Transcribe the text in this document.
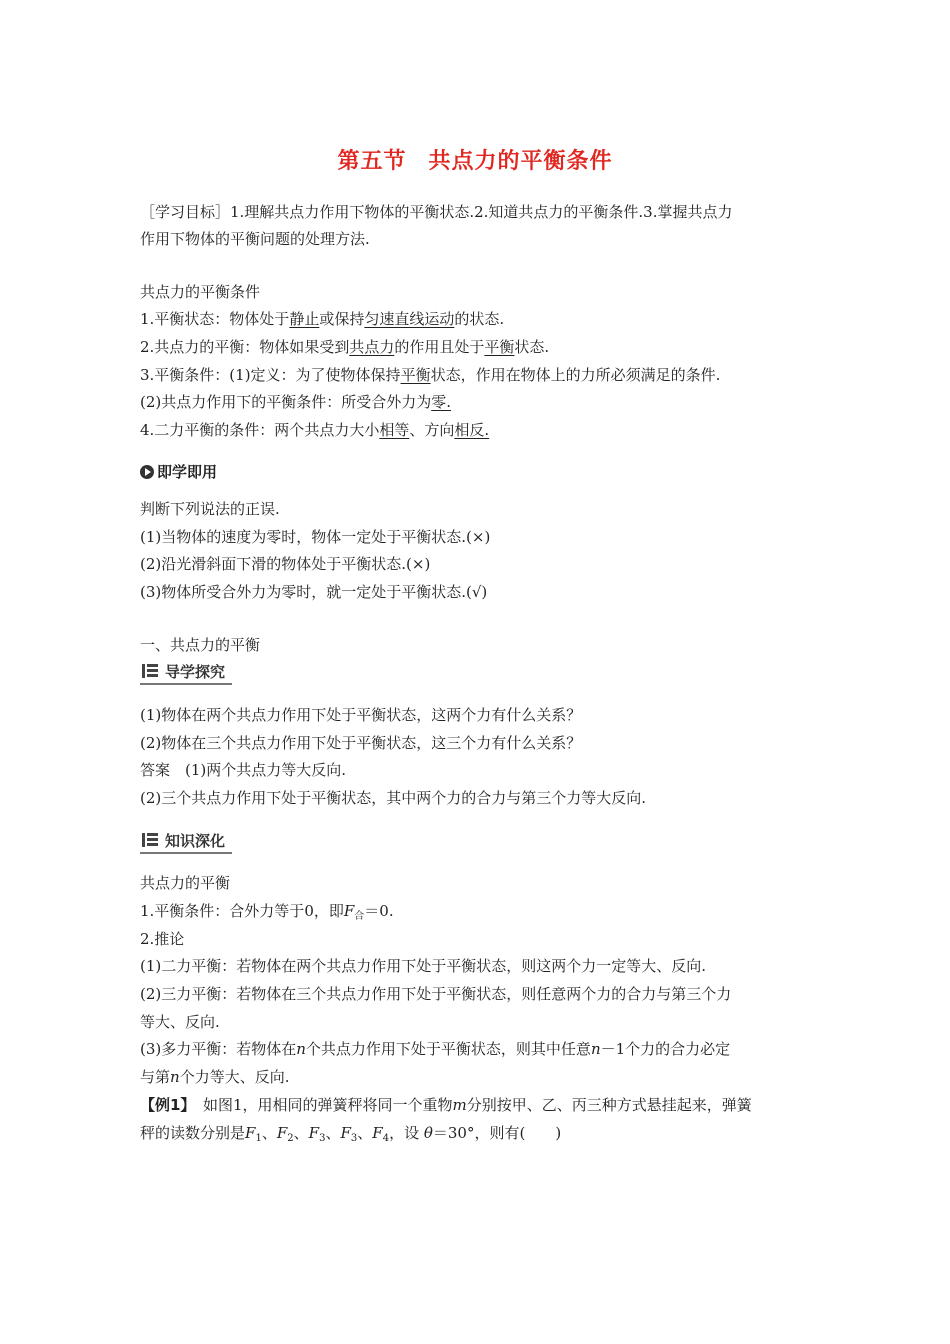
第五节 共点力的平衡条件
［学习目标］1.理解共点力作用下物体的平衡状态.2.知道共点力的平衡条件.3.掌握共点力
作用下物体的平衡问题的处理方法.
共点力的平衡条件
1.平衡状态：物体处于静止或保持匀速直线运动的状态.
2.共点力的平衡：物体如果受到共点力的作用且处于平衡状态.
3.平衡条件：(1)定义：为了使物体保持平衡状态，作用在物体上的力所必须满足的条件.
(2)共点力作用下的平衡条件：所受合外力为零.
4.二力平衡的条件：两个共点力大小相等、方向相反.
即学即用
判断下列说法的正误.
(1)当物体的速度为零时，物体一定处于平衡状态.(×)
(2)沿光滑斜面下滑的物体处于平衡状态.(×)
(3)物体所受合外力为零时，就一定处于平衡状态.(√)
一、共点力的平衡
导学探究
(1)物体在两个共点力作用下处于平衡状态，这两个力有什么关系？
(2)物体在三个共点力作用下处于平衡状态，这三个力有什么关系？
答案　(1)两个共点力等大反向.
(2)三个共点力作用下处于平衡状态，其中两个力的合力与第三个力等大反向.
知识深化
共点力的平衡
1.平衡条件：合外力等于0，即$F_合=0$.
2.推论
(1)二力平衡：若物体在两个共点力作用下处于平衡状态，则这两个力一定等大、反向.
(2)三力平衡：若物体在三个共点力作用下处于平衡状态，则任意两个力的合力与第三个力
等大、反向.
(3)多力平衡：若物体在n个共点力作用下处于平衡状态，则其中任意n－1个力的合力必定
与第n个力等大、反向.
【例1】　 如图1，用相同的弹簧秤将同一个重物m分别按甲、乙、丙三种方式悬挂起来，弹簧
秤的读数分别是$F_1$、$F_2$、$F_3$、$F_3$、$F_4$，设 θ＝30°，则有(　　)
